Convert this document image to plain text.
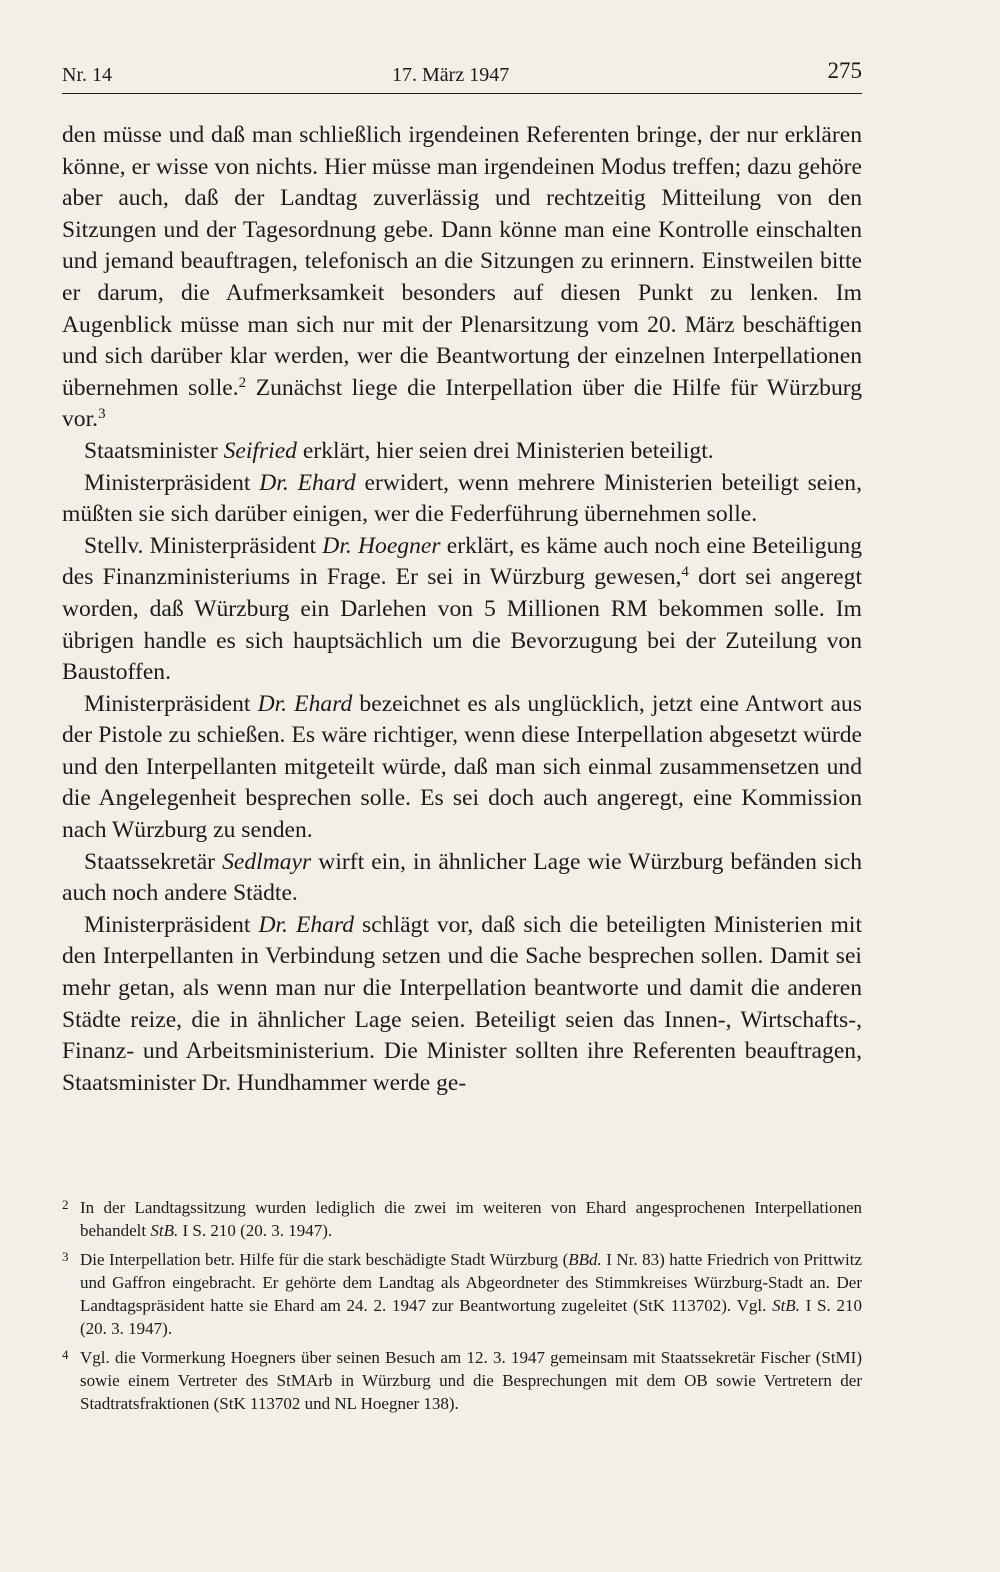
Nr. 14	17. März 1947	275

den müsse und daß man schließlich irgendeinen Referenten bringe, der nur erklären könne, er wisse von nichts. Hier müsse man irgendeinen Modus treffen; dazu gehöre aber auch, daß der Landtag zuverlässig und rechtzeitig Mitteilung von den Sitzungen und der Tagesordnung gebe. Dann könne man eine Kontrolle einschalten und jemand beauftragen, telefonisch an die Sitzungen zu erinnern. Einstweilen bitte er darum, die Aufmerksamkeit besonders auf diesen Punkt zu lenken. Im Augenblick müsse man sich nur mit der Plenarsitzung vom 20. März beschäftigen und sich darüber klar werden, wer die Beantwortung der einzelnen Interpellationen übernehmen solle.$^2$ Zunächst liege die Interpellation über die Hilfe für Würzburg vor.$^3$

Staatsminister Seifried erklärt, hier seien drei Ministerien beteiligt.

Ministerpräsident Dr. Ehard erwidert, wenn mehrere Ministerien beteiligt seien, müßten sie sich darüber einigen, wer die Federführung übernehmen solle.

Stellv. Ministerpräsident Dr. Hoegner erklärt, es käme auch noch eine Beteiligung des Finanzministeriums in Frage. Er sei in Würzburg gewesen,$^4$ dort sei angeregt worden, daß Würzburg ein Darlehen von 5 Millionen RM bekommen solle. Im übrigen handle es sich hauptsächlich um die Bevorzugung bei der Zuteilung von Baustoffen.

Ministerpräsident Dr. Ehard bezeichnet es als unglücklich, jetzt eine Antwort aus der Pistole zu schießen. Es wäre richtiger, wenn diese Interpellation abgesetzt würde und den Interpellanten mitgeteilt würde, daß man sich einmal zusammensetzen und die Angelegenheit besprechen solle. Es sei doch auch angeregt, eine Kommission nach Würzburg zu senden.

Staatssekretär Sedlmayr wirft ein, in ähnlicher Lage wie Würzburg befänden sich auch noch andere Städte.

Ministerpräsident Dr. Ehard schlägt vor, daß sich die beteiligten Ministerien mit den Interpellanten in Verbindung setzen und die Sache besprechen sollen. Damit sei mehr getan, als wenn man nur die Interpellation beantworte und damit die anderen Städte reize, die in ähnlicher Lage seien. Beteiligt seien das Innen-, Wirtschafts-, Finanz- und Arbeitsministerium. Die Minister sollten ihre Referenten beauftragen, Staatsminister Dr. Hundhammer werde ge-

2 In der Landtagssitzung wurden lediglich die zwei im weiteren von Ehard angesprochenen Interpellationen behandelt StB. I S. 210 (20. 3. 1947).

3 Die Interpellation betr. Hilfe für die stark beschädigte Stadt Würzburg (BBd. I Nr. 83) hatte Friedrich von Prittwitz und Gaffron eingebracht. Er gehörte dem Landtag als Abgeordneter des Stimmkreises Würzburg-Stadt an. Der Landtagspräsident hatte sie Ehard am 24. 2. 1947 zur Beantwortung zugeleitet (StK 113702). Vgl. StB. I S. 210 (20. 3. 1947).

4 Vgl. die Vormerkung Hoegners über seinen Besuch am 12. 3. 1947 gemeinsam mit Staatssekretär Fischer (StMI) sowie einem Vertreter des StMArb in Würzburg und die Besprechungen mit dem OB sowie Vertretern der Stadtratsfraktionen (StK 113702 und NL Hoegner 138).
